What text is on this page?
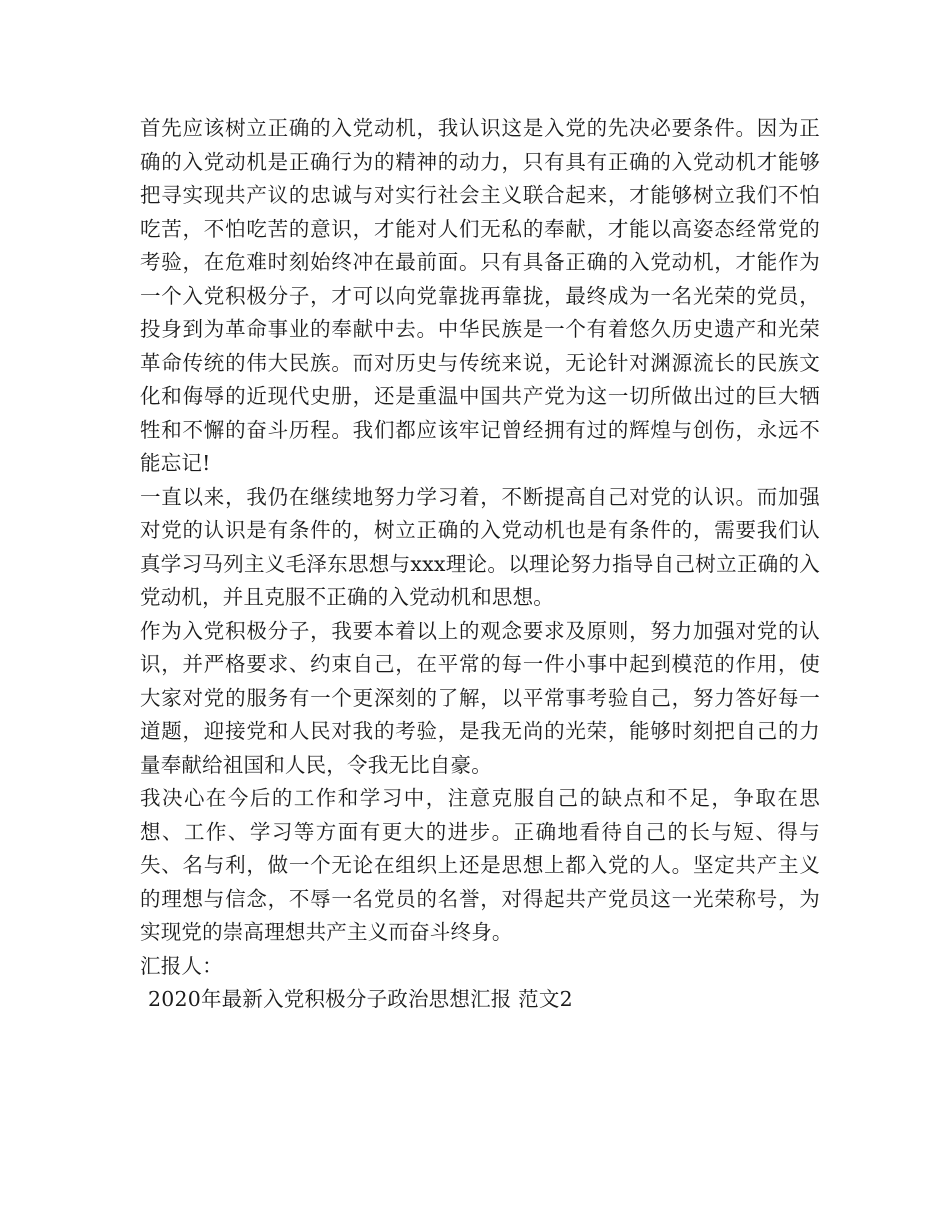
首先应该树立正确的入党动机，我认识这是入党的先决必要条件。因为正确的入党动机是正确行为的精神的动力，只有具有正确的入党动机才能够把寻实现共产议的忠诚与对实行社会主义联合起来，才能够树立我们不怕吃苦，不怕吃苦的意识，才能对人们无私的奉献，才能以高姿态经常党的考验，在危难时刻始终冲在最前面。只有具备正确的入党动机，才能作为一个入党积极分子，才可以向党靠拢再靠拢，最终成为一名光荣的党员，投身到为革命事业的奉献中去。中华民族是一个有着悠久历史遗产和光荣革命传统的伟大民族。而对历史与传统来说，无论针对渊源流长的民族文化和侮辱的近现代史册，还是重温中国共产党为这一切所做出过的巨大牺牲和不懈的奋斗历程。我们都应该牢记曾经拥有过的辉煌与创伤，永远不能忘记!

一直以来，我仍在继续地努力学习着，不断提高自己对党的认识。而加强对党的认识是有条件的，树立正确的入党动机也是有条件的，需要我们认真学习马列主义毛泽东思想与xxx理论。以理论努力指导自己树立正确的入党动机，并且克服不正确的入党动机和思想。

作为入党积极分子，我要本着以上的观念要求及原则，努力加强对党的认识，并严格要求、约束自己，在平常的每一件小事中起到模范的作用，使大家对党的服务有一个更深刻的了解，以平常事考验自己，努力答好每一道题，迎接党和人民对我的考验，是我无尚的光荣，能够时刻把自己的力量奉献给祖国和人民，令我无比自豪。

我决心在今后的工作和学习中，注意克服自己的缺点和不足，争取在思想、工作、学习等方面有更大的进步。正确地看待自己的长与短、得与失、名与利，做一个无论在组织上还是思想上都入党的人。坚定共产主义的理想与信念，不辱一名党员的名誉，对得起共产党员这一光荣称号，为实现党的崇高理想共产主义而奋斗终身。

汇报人：

2020年最新入党积极分子政治思想汇报 范文2
